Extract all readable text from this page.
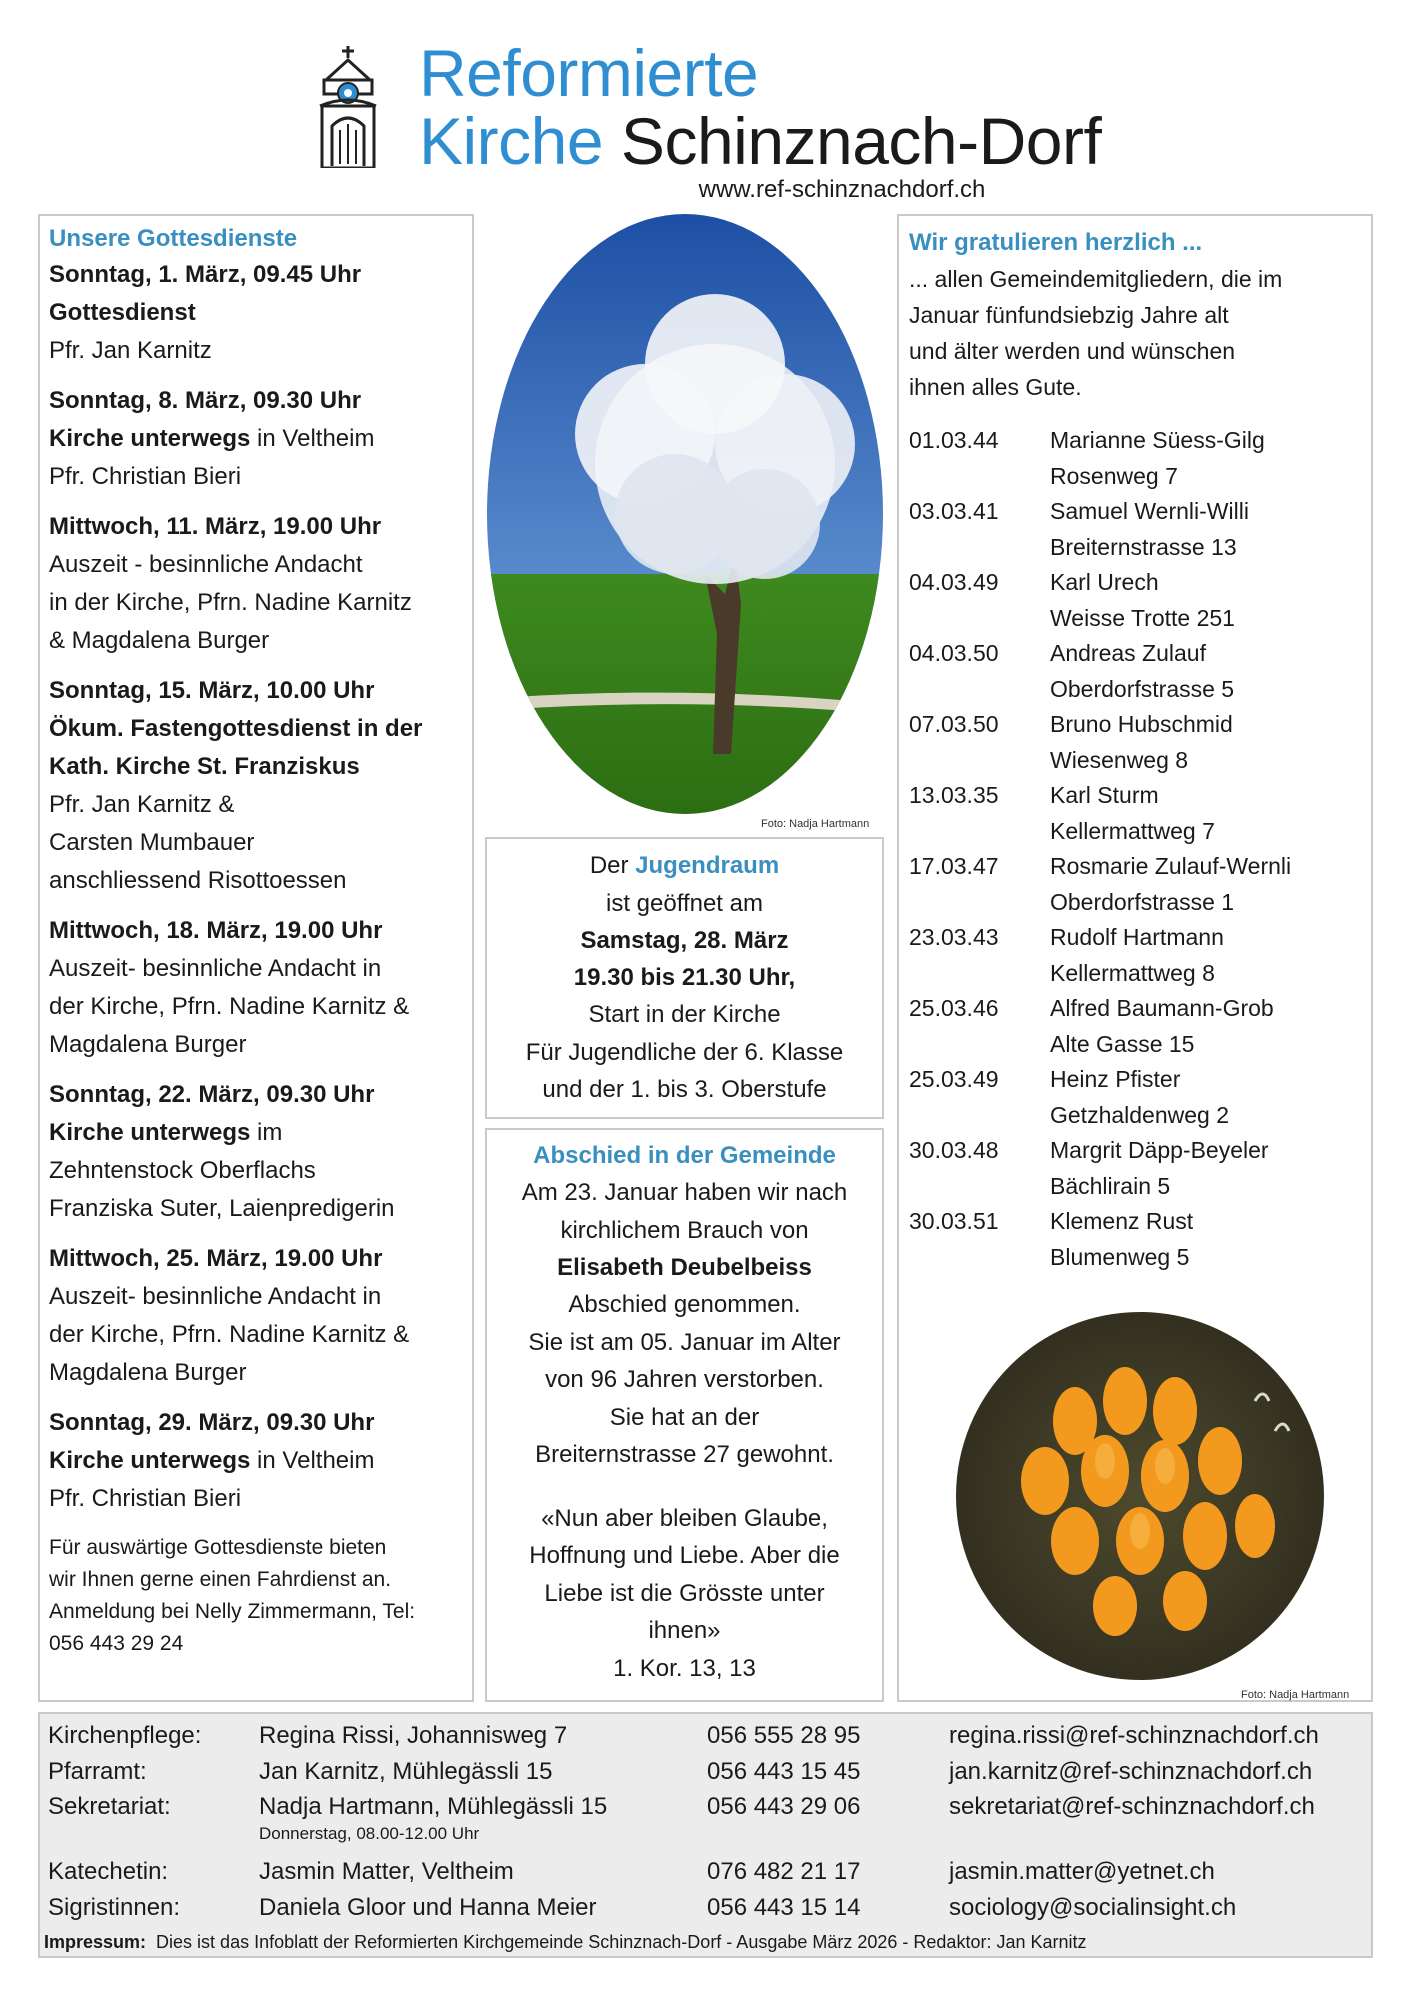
Reformierte
Kirche Schinznach-Dorf
www.ref-schinznachdorf.ch
Unsere Gottesdienste
Sonntag, 1. März, 09.45 Uhr
Gottesdienst
Pfr. Jan Karnitz
Sonntag, 8. März, 09.30 Uhr
Kirche unterwegs in Veltheim
Pfr. Christian Bieri
Mittwoch, 11. März, 19.00 Uhr
Auszeit - besinnliche Andacht
in der Kirche, Pfrn. Nadine Karnitz
& Magdalena Burger
Sonntag, 15. März, 10.00 Uhr
Ökum. Fastengottesdienst in der
Kath. Kirche St. Franziskus
Pfr. Jan Karnitz &
Carsten Mumbauer
anschliessend Risottoessen
Mittwoch, 18. März, 19.00 Uhr
Auszeit- besinnliche Andacht in
der Kirche, Pfrn. Nadine Karnitz &
Magdalena Burger
Sonntag, 22. März, 09.30 Uhr
Kirche unterwegs im
Zehntenstock Oberflachs
Franziska Suter, Laienpredigerin
Mittwoch, 25. März, 19.00 Uhr
Auszeit- besinnliche Andacht in
der Kirche, Pfrn. Nadine Karnitz &
Magdalena Burger
Sonntag, 29. März, 09.30 Uhr
Kirche unterwegs in Veltheim
Pfr. Christian Bieri
Für auswärtige Gottesdienste bieten
wir Ihnen gerne einen Fahrdienst an.
Anmeldung bei Nelly Zimmermann, Tel:
056 443 29 24
Foto: Nadja Hartmann
Der Jugendraum
ist geöffnet am
Samstag, 28. März
19.30 bis 21.30 Uhr,
Start in der Kirche
Für Jugendliche der 6. Klasse
und der 1. bis 3. Oberstufe
Abschied in der Gemeinde
Am 23. Januar haben wir nach
kirchlichem Brauch von
Elisabeth Deubelbeiss
Abschied genommen.
Sie ist am 05. Januar im Alter
von 96 Jahren verstorben.
Sie hat an der
Breiternstrasse 27 gewohnt.
«Nun aber bleiben Glaube,
Hoffnung und Liebe. Aber die
Liebe ist die Grösste unter
ihnen»
1. Kor. 13, 13
Wir gratulieren herzlich ...
... allen Gemeindemitgliedern, die im
Januar fünfundsiebzig Jahre alt
und älter werden und wünschen
ihnen alles Gute.
01.03.44	Marianne Süess-Gilg
Rosenweg 7
03.03.41	Samuel Wernli-Willi
Breiternstrasse 13
04.03.49	Karl Urech
Weisse Trotte 251
04.03.50	Andreas Zulauf
Oberdorfstrasse 5
07.03.50	Bruno Hubschmid
Wiesenweg 8
13.03.35	Karl Sturm
Kellermattweg 7
17.03.47	Rosmarie Zulauf-Wernli
Oberdorfstrasse 1
23.03.43	Rudolf Hartmann
Kellermattweg 8
25.03.46	Alfred Baumann-Grob
Alte Gasse 15
25.03.49	Heinz Pfister
Getzhaldenweg 2
30.03.48	Margrit Däpp-Beyeler
Bächlirain 5
30.03.51	Klemenz Rust
Blumenweg 5
Foto: Nadja Hartmann
Kirchenpflege: Regina Rissi, Johannisweg 7	056 555 28 95	regina.rissi@ref-schinznachdorf.ch
Pfarramt:	Jan Karnitz, Mühlegässli 15	056 443 15 45	jan.karnitz@ref-schinznachdorf.ch
Sekretariat:	Nadja Hartmann, Mühlegässli 15	056 443 29 06	sekretariat@ref-schinznachdorf.ch
Donnerstag, 08.00-12.00 Uhr
Katechetin:	Jasmin Matter, Veltheim	076 482 21 17	jasmin.matter@yetnet.ch
Sigristinnen:	Daniela Gloor und Hanna Meier	056 443 15 14	sociology@socialinsight.ch
Impressum:  Dies ist das Infoblatt der Reformierten Kirchgemeinde Schinznach-Dorf - Ausgabe März 2026 - Redaktor: Jan Karnitz
